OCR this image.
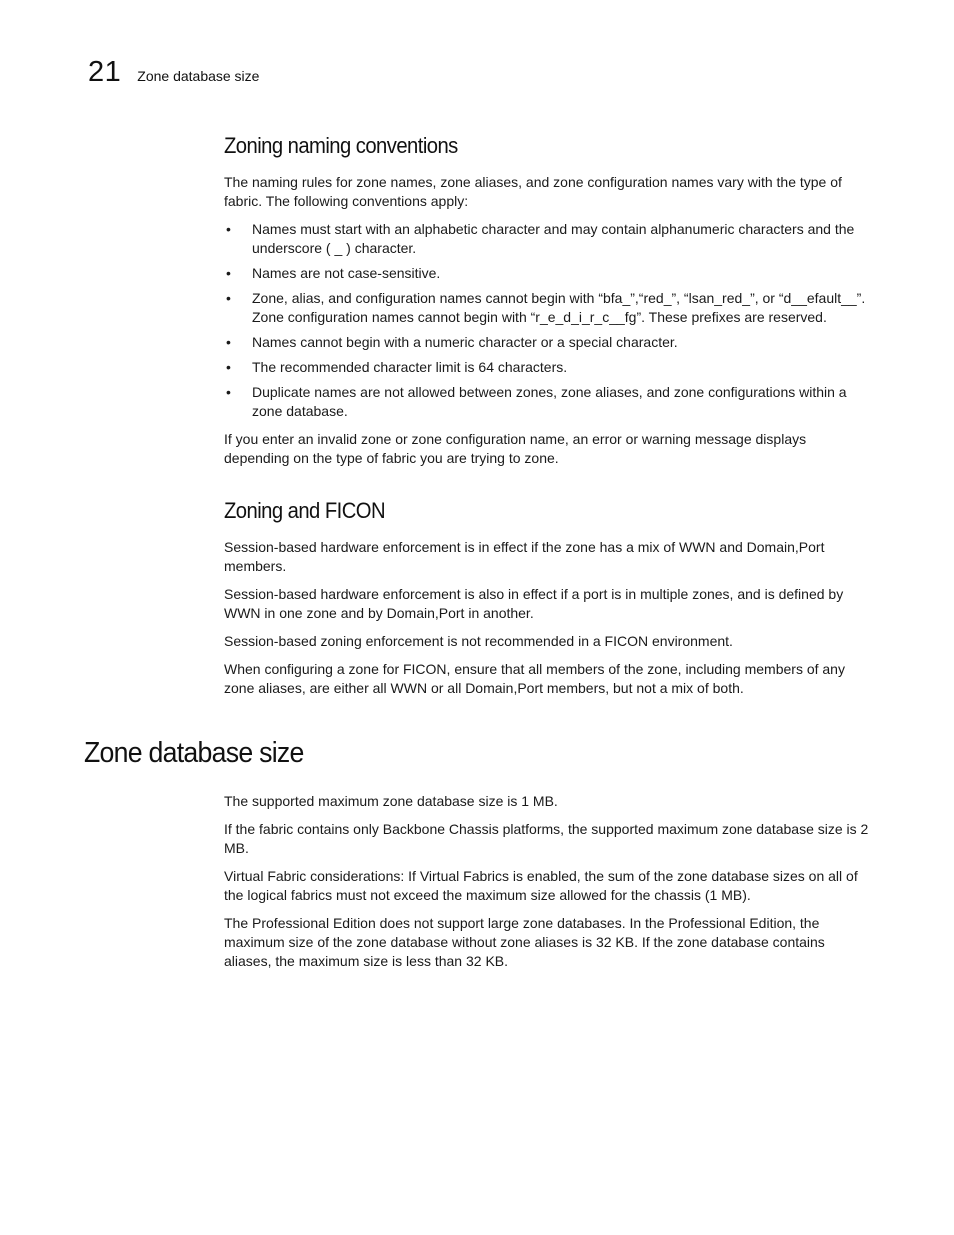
21 Zone database size
Zoning naming conventions

The naming rules for zone names, zone aliases, and zone configuration names vary with the type of fabric. The following conventions apply:

• Names must start with an alphabetic character and may contain alphanumeric characters and the underscore ( _ ) character.
• Names are not case-sensitive.
• Zone, alias, and configuration names cannot begin with “bfa_”,“red_”, “lsan_red_”, or “d__efault__”. Zone configuration names cannot begin with “r_e_d_i_r_c__fg”. These prefixes are reserved.
• Names cannot begin with a numeric character or a special character.
• The recommended character limit is 64 characters.
• Duplicate names are not allowed between zones, zone aliases, and zone configurations within a zone database.

If you enter an invalid zone or zone configuration name, an error or warning message displays depending on the type of fabric you are trying to zone.

Zoning and FICON

Session-based hardware enforcement is in effect if the zone has a mix of WWN and Domain,Port members.

Session-based hardware enforcement is also in effect if a port is in multiple zones, and is defined by WWN in one zone and by Domain,Port in another.

Session-based zoning enforcement is not recommended in a FICON environment.

When configuring a zone for FICON, ensure that all members of the zone, including members of any zone aliases, are either all WWN or all Domain,Port members, but not a mix of both.

Zone database size

The supported maximum zone database size is 1 MB.

If the fabric contains only Backbone Chassis platforms, the supported maximum zone database size is 2 MB.

Virtual Fabric considerations: If Virtual Fabrics is enabled, the sum of the zone database sizes on all of the logical fabrics must not exceed the maximum size allowed for the chassis (1 MB).

The Professional Edition does not support large zone databases. In the Professional Edition, the maximum size of the zone database without zone aliases is 32 KB. If the zone database contains aliases, the maximum size is less than 32 KB.
